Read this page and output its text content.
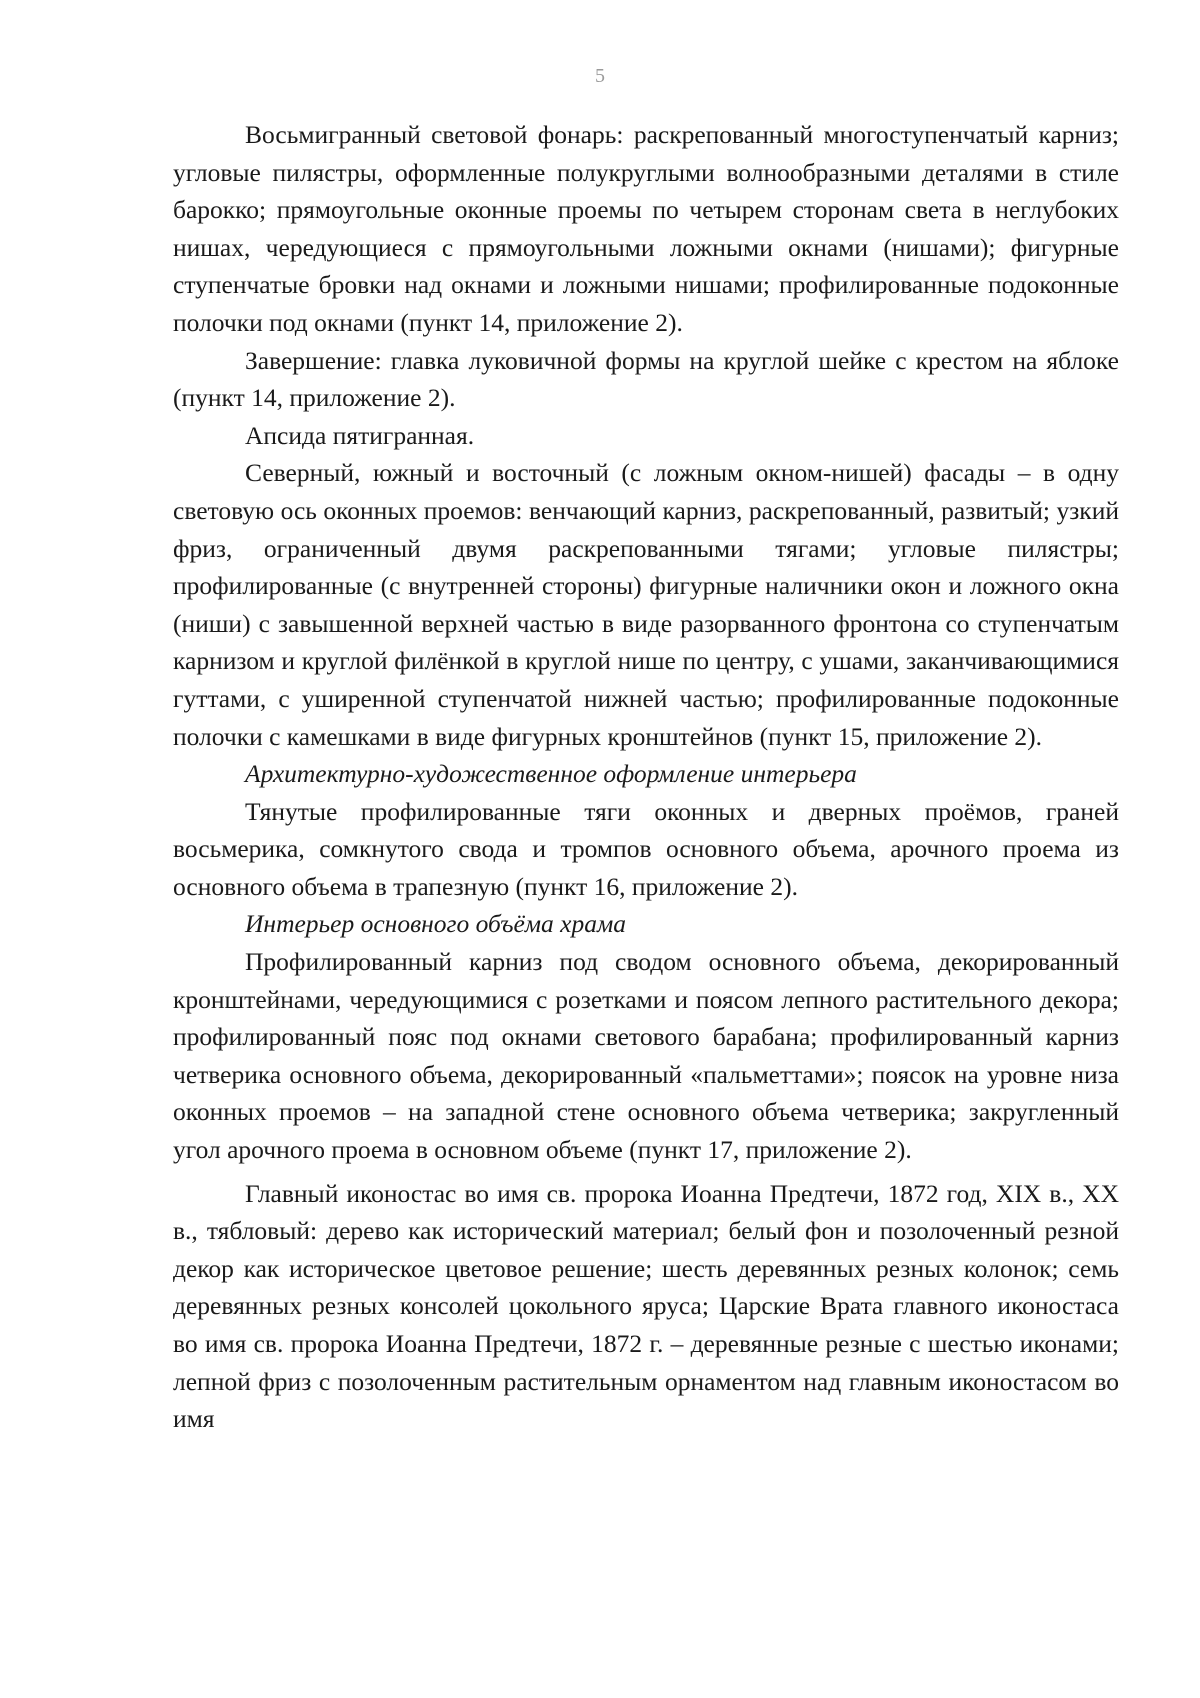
5

Восьмигранный световой фонарь: раскрепованный многоступенчатый карниз; угловые пилястры, оформленные полукруглыми волнообразными деталями в стиле барокко; прямоугольные оконные проемы по четырем сторонам света в неглубоких нишах, чередующиеся с прямоугольными ложными окнами (нишами); фигурные ступенчатые бровки над окнами и ложными нишами; профилированные подоконные полочки под окнами (пункт 14, приложение 2).

Завершение: главка луковичной формы на круглой шейке с крестом на яблоке (пункт 14, приложение 2).

Апсида пятигранная.

Северный, южный и восточный (с ложным окном-нишей) фасады – в одну световую ось оконных проемов: венчающий карниз, раскрепованный, развитый; узкий фриз, ограниченный двумя раскрепованными тягами; угловые пилястры; профилированные (с внутренней стороны) фигурные наличники окон и ложного окна (ниши) с завышенной верхней частью в виде разорванного фронтона со ступенчатым карнизом и круглой филёнкой в круглой нише по центру, с ушами, заканчивающимися гуттами, с уширенной ступенчатой нижней частью; профилированные подоконные полочки с камешками в виде фигурных кронштейнов (пункт 15, приложение 2).

Архитектурно-художественное оформление интерьера

Тянутые профилированные тяги оконных и дверных проёмов, граней восьмерика, сомкнутого свода и тромпов основного объема, арочного проема из основного объема в трапезную (пункт 16, приложение 2).

Интерьер основного объёма храма

Профилированный карниз под сводом основного объема, декорированный кронштейнами, чередующимися с розетками и поясом лепного растительного декора; профилированный пояс под окнами светового барабана; профилированный карниз четверика основного объема, декорированный «пальметтами»; поясок на уровне низа оконных проемов – на западной стене основного объема четверика; закругленный угол арочного проема в основном объеме (пункт 17, приложение 2).

Главный иконостас во имя св. пророка Иоанна Предтечи, 1872 год, XIX в., XX в., тябловый: дерево как исторический материал; белый фон и позолоченный резной декор как историческое цветовое решение; шесть деревянных резных колонок; семь деревянных резных консолей цокольного яруса; Царские Врата главного иконостаса во имя св. пророка Иоанна Предтечи, 1872 г. – деревянные резные с шестью иконами; лепной фриз с позолоченным растительным орнаментом над главным иконостасом во имя
